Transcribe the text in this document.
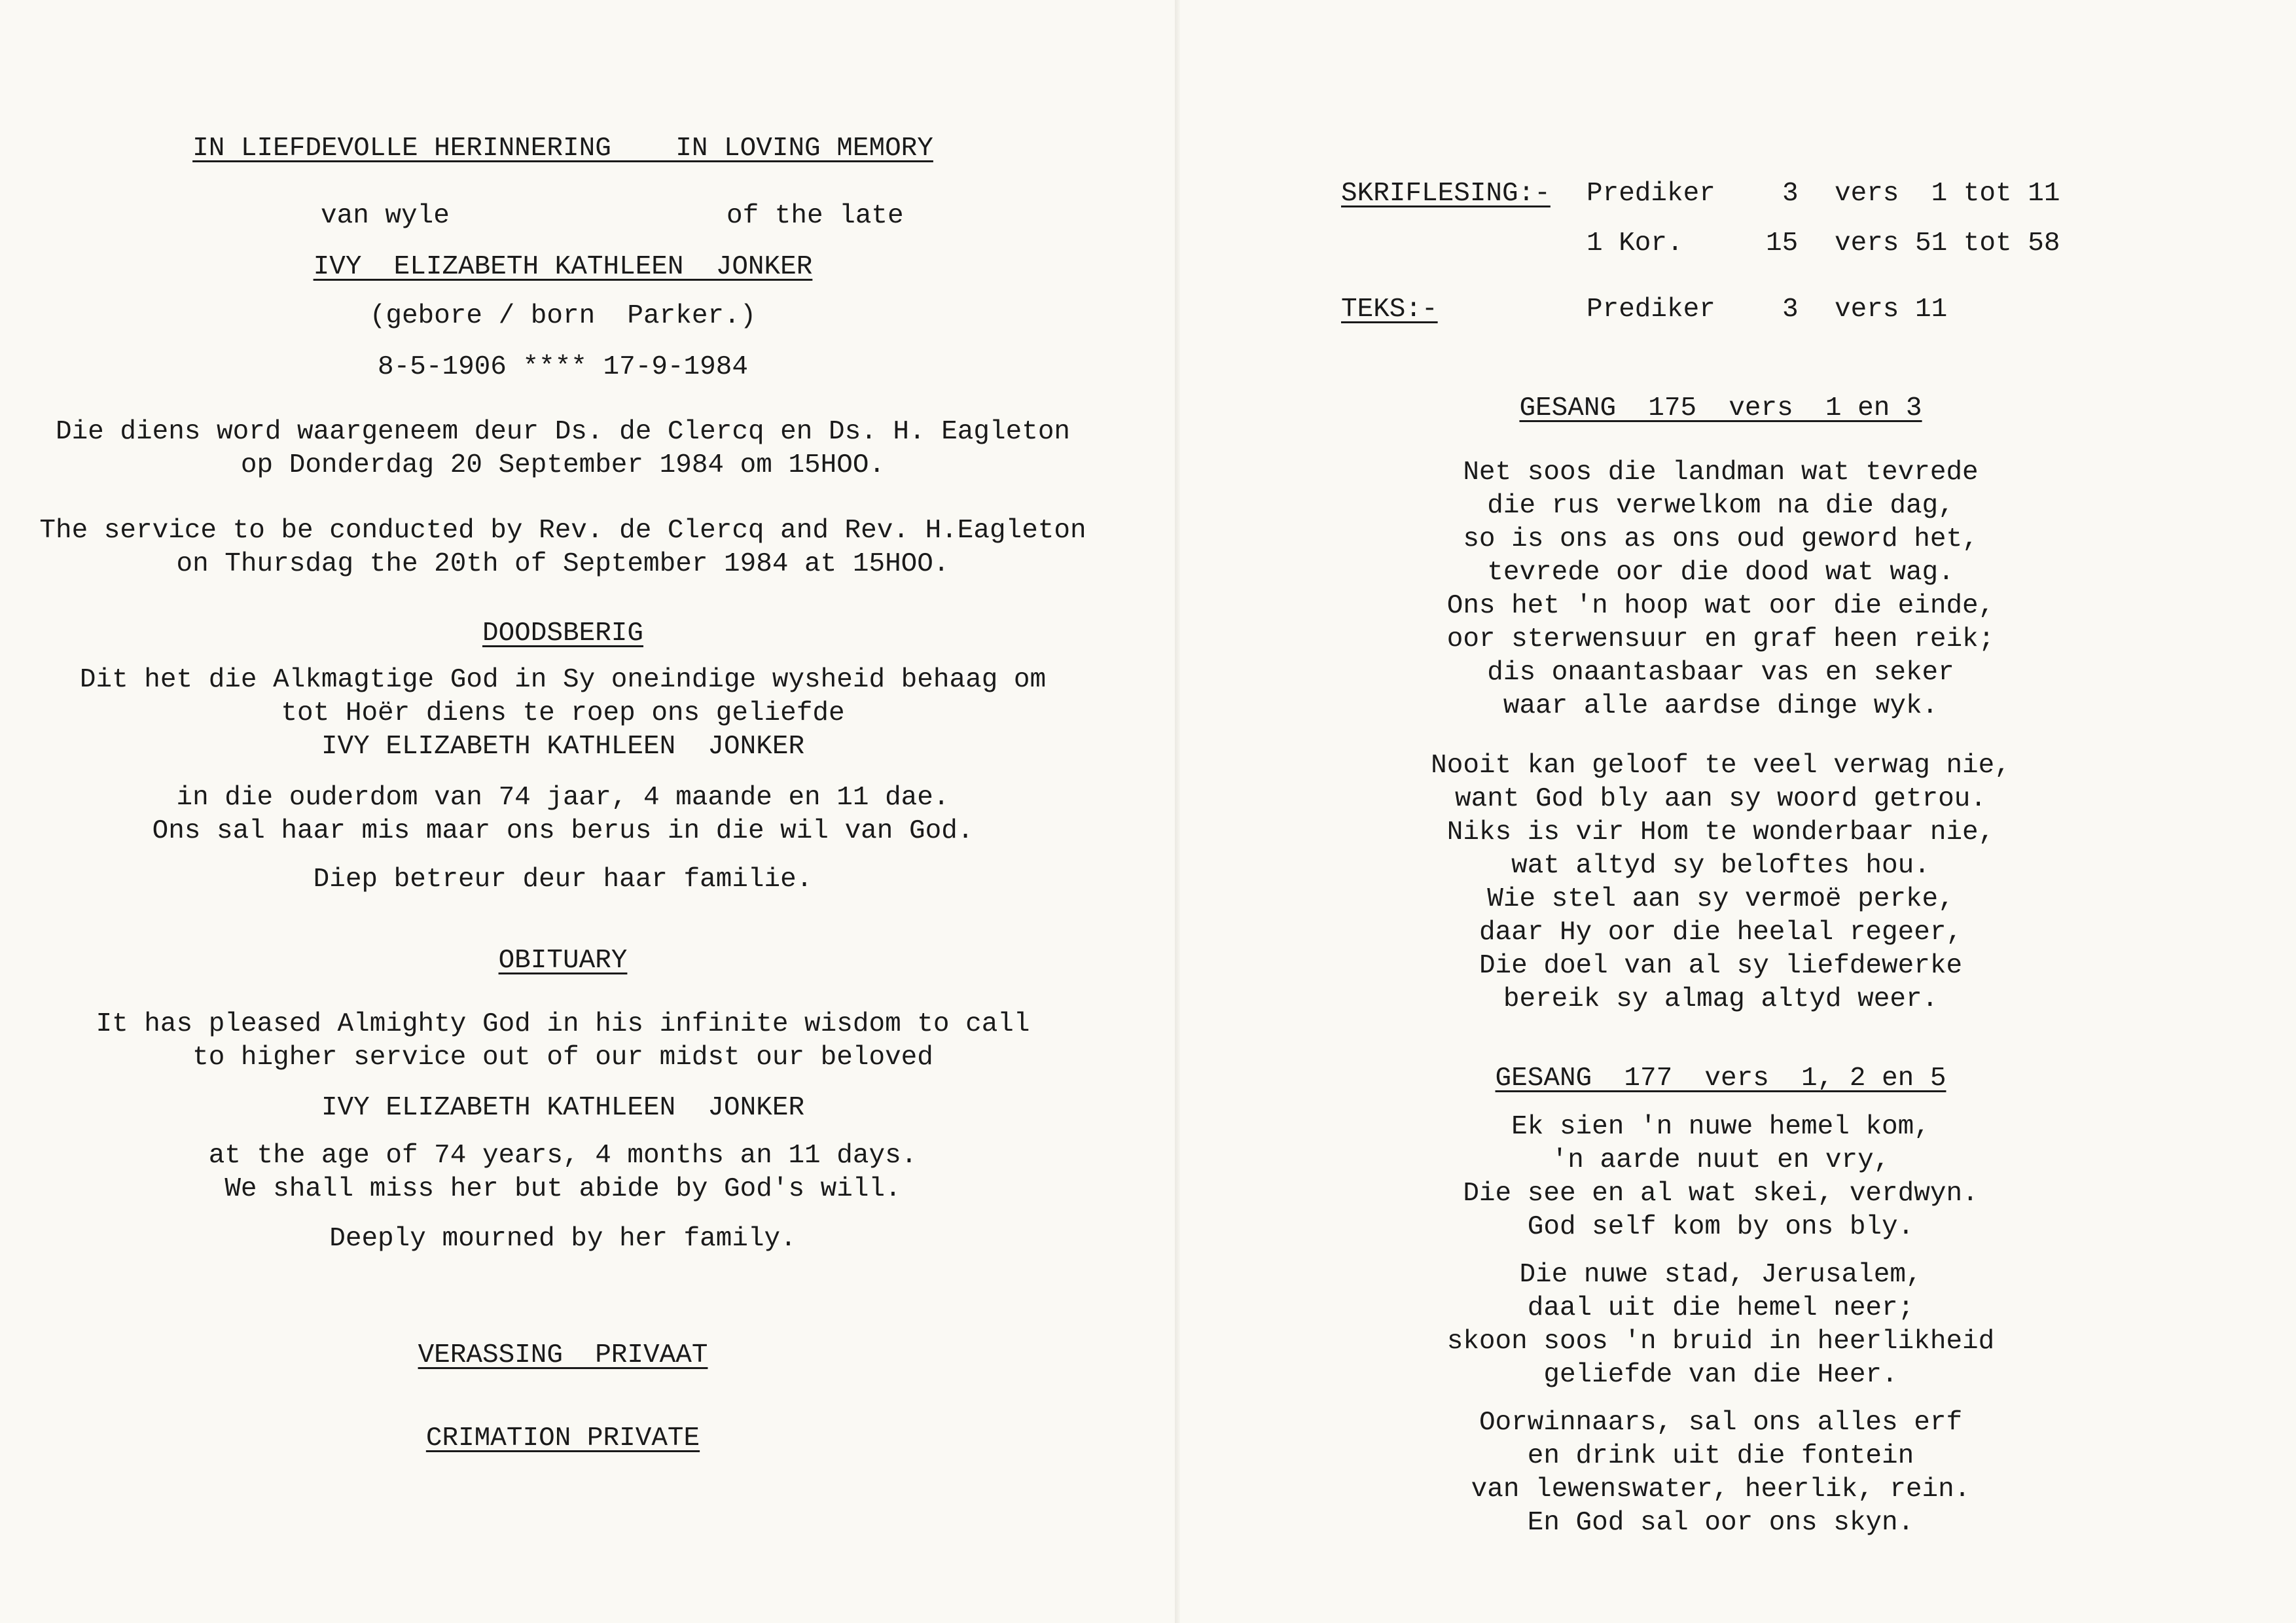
IN LIEFDEVOLLE HERINNERING    IN LOVING MEMORY
van wyle	of the late
IVY  ELIZABETH KATHLEEN  JONKER
(gebore / born  Parker.)
8-5-1906 **** 17-9-1984
Die diens word waargeneem deur Ds. de Clercq en Ds. H. Eagleton
op Donderdag 20 September 1984 om 15HOO.
The service to be conducted by Rev. de Clercq and Rev. H.Eagleton
on Thursdag the 20th of September 1984 at 15HOO.
DOODSBERIG
Dit het die Alkmagtige God in Sy oneindige wysheid behaag om
tot Hoër diens te roep ons geliefde
IVY ELIZABETH KATHLEEN  JONKER
in die ouderdom van 74 jaar, 4 maande en 11 dae.
Ons sal haar mis maar ons berus in die wil van God.
Diep betreur deur haar familie.
OBITUARY
It has pleased Almighty God in his infinite wisdom to call
to higher service out of our midst our beloved
IVY ELIZABETH KATHLEEN  JONKER
at the age of 74 years, 4 months an 11 days.
We shall miss her but abide by God's will.
Deeply mourned by her family.
VERASSING  PRIVAAT
CRIMATION PRIVATE
SKRIFLESING:- Prediker 3 vers  1 tot 11
1 Kor.	15 vers 51 tot 58
TEKS:-	Prediker 3 vers 11
GESANG  175  vers  1 en 3
Net soos die landman wat tevrede
die rus verwelkom na die dag,
so is ons as ons oud geword het,
tevrede oor die dood wat wag.
Ons het 'n hoop wat oor die einde,
oor sterwensuur en graf heen reik;
dis onaantasbaar vas en seker
waar alle aardse dinge wyk.
Nooit kan geloof te veel verwag nie,
want God bly aan sy woord getrou.
Niks is vir Hom te wonderbaar nie,
wat altyd sy beloftes hou.
Wie stel aan sy vermoë perke,
daar Hy oor die heelal regeer,
Die doel van al sy liefdewerke
bereik sy almag altyd weer.
GESANG  177  vers  1, 2 en 5
Ek sien 'n nuwe hemel kom,
'n aarde nuut en vry,
Die see en al wat skei, verdwyn.
God self kom by ons bly.
Die nuwe stad, Jerusalem,
daal uit die hemel neer;
skoon soos 'n bruid in heerlikheid
geliefde van die Heer.
Oorwinnaars, sal ons alles erf
en drink uit die fontein
van lewenswater, heerlik, rein.
En God sal oor ons skyn.
